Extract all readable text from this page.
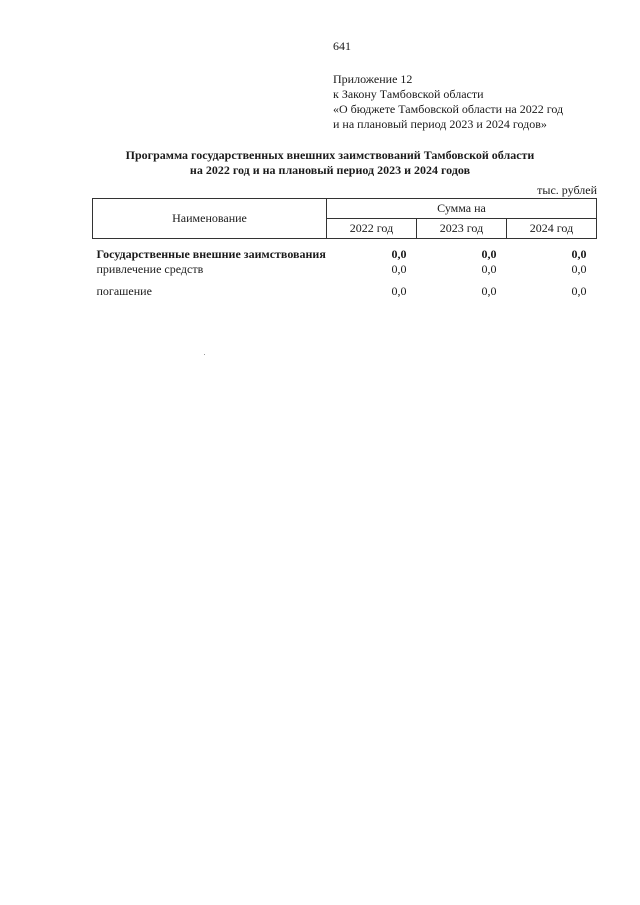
641
Приложение 12
к Закону Тамбовской области
«О бюджете Тамбовской области на 2022 год
и на плановый период 2023 и 2024 годов»
Программа государственных внешних заимствований Тамбовской области
на 2022 год и на плановый период 2023 и 2024 годов
тыс. рублей
Наименование	Сумма на		
	2022 год	2023 год	2024 год
Государственные внешние заимствования	0,0	0,0	0,0
привлечение средств	0,0	0,0	0,0
погашение	0,0	0,0	0,0
